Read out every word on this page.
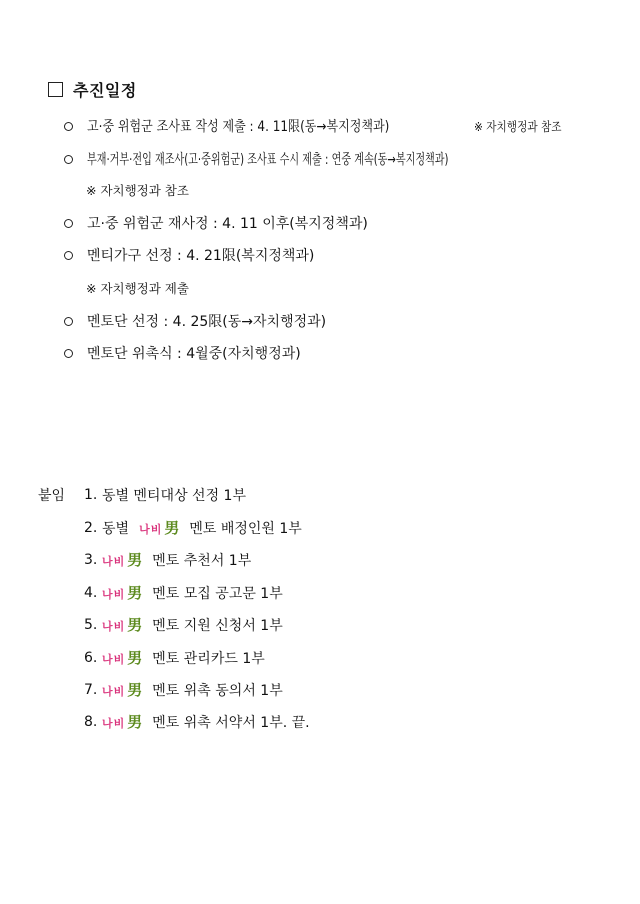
추진일정
고·중 위험군 조사표 작성 제출 : 4. 11限(동→복지정책과)	※ 자치행정과 참조
부재·거부·전입 재조사(고·중위험군) 조사표 수시 제출 : 연중 계속(동→복지정책과)
※ 자치행정과 참조
고·중 위험군 재사정 : 4. 11 이후(복지정책과)
멘티가구 선정 : 4. 21限(복지정책과)
※ 자치행정과 제출
멘토단 선정 : 4. 25限(동→자치행정과)
멘토단 위촉식 : 4월중(자치행정과)
붙임 1. 동별 멘티대상 선정 1부
2. 동별 나비 男 멘토 배정인원 1부
3. 나비 男 멘토 추천서 1부
4. 나비 男 멘토 모집 공고문 1부
5. 나비 男 멘토 지원 신청서 1부
6. 나비 男 멘토 관리카드 1부
7. 나비 男 멘토 위촉 동의서 1부
8. 나비 男 멘토 위촉 서약서 1부. 끝.
